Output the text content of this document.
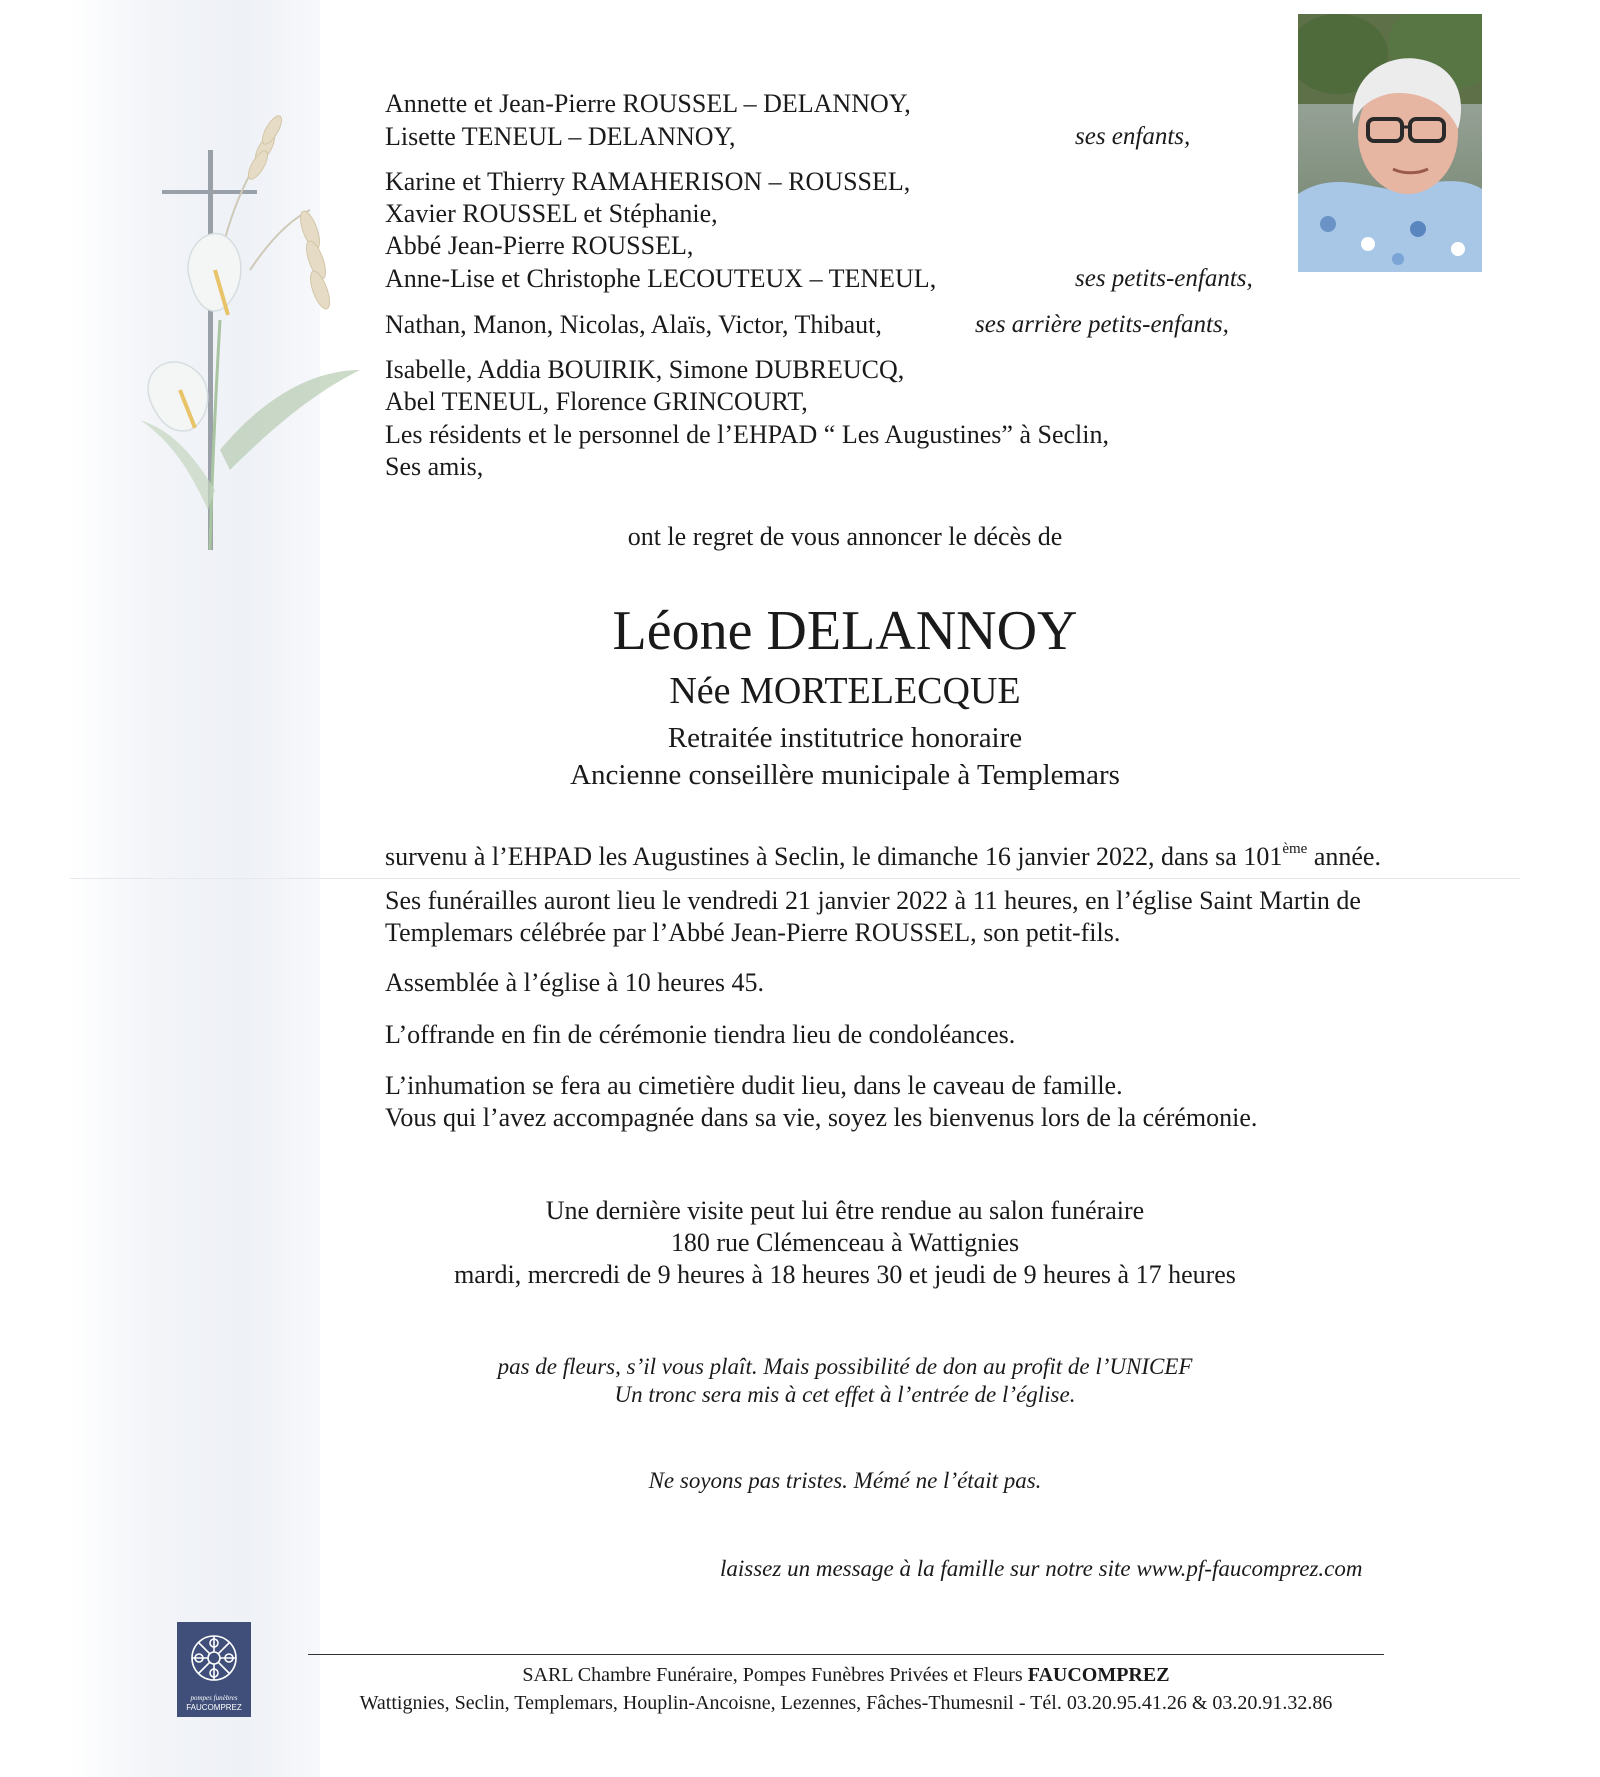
Annette et Jean-Pierre ROUSSEL – DELANNOY,
Lisette TENEUL – DELANNOY,	ses enfants,
Karine et Thierry RAMAHERISON – ROUSSEL,
Xavier ROUSSEL et Stéphanie,
Abbé Jean-Pierre ROUSSEL,
Anne-Lise et Christophe LECOUTEUX – TENEUL,	ses petits-enfants,
Nathan, Manon, Nicolas, Alaïs, Victor, Thibaut,	ses arrière petits-enfants,
Isabelle, Addia BOUIRIK, Simone DUBREUCQ,
Abel TENEUL, Florence GRINCOURT,
Les résidents et le personnel de l’EHPAD “ Les Augustines” à Seclin,
Ses amis,
ont le regret de vous annoncer le décès de
Léone DELANNOY
Née MORTELECQUE
Retraitée institutrice honoraire
Ancienne conseillère municipale à Templemars
survenu à l’EHPAD les Augustines à Seclin, le dimanche 16 janvier 2022, dans sa 101ème année.
Ses funérailles auront lieu le vendredi 21 janvier 2022 à 11 heures, en l’église Saint Martin de
Templemars célébrée par l’Abbé Jean-Pierre ROUSSEL, son petit-fils.
Assemblée à l’église à 10 heures 45.
L’offrande en fin de cérémonie tiendra lieu de condoléances.
L’inhumation se fera au cimetière dudit lieu, dans le caveau de famille.
Vous qui l’avez accompagnée dans sa vie, soyez les bienvenus lors de la cérémonie.
Une dernière visite peut lui être rendue au salon funéraire
180 rue Clémenceau à Wattignies
mardi, mercredi de 9 heures à 18 heures 30 et jeudi de 9 heures à 17 heures
pas de fleurs, s’il vous plaît. Mais possibilité de don au profit de l’UNICEF
Un tronc sera mis à cet effet à l’entrée de l’église.
Ne soyons pas tristes. Mémé ne l’était pas.
laissez un message à la famille sur notre site www.pf-faucomprez.com
pompes funèbres
FAUCOMPREZ
SARL Chambre Funéraire, Pompes Funèbres Privées et Fleurs FAUCOMPREZ
Wattignies, Seclin, Templemars, Houplin-Ancoisne, Lezennes, Fâches-Thumesnil - Tél. 03.20.95.41.26 & 03.20.91.32.86
